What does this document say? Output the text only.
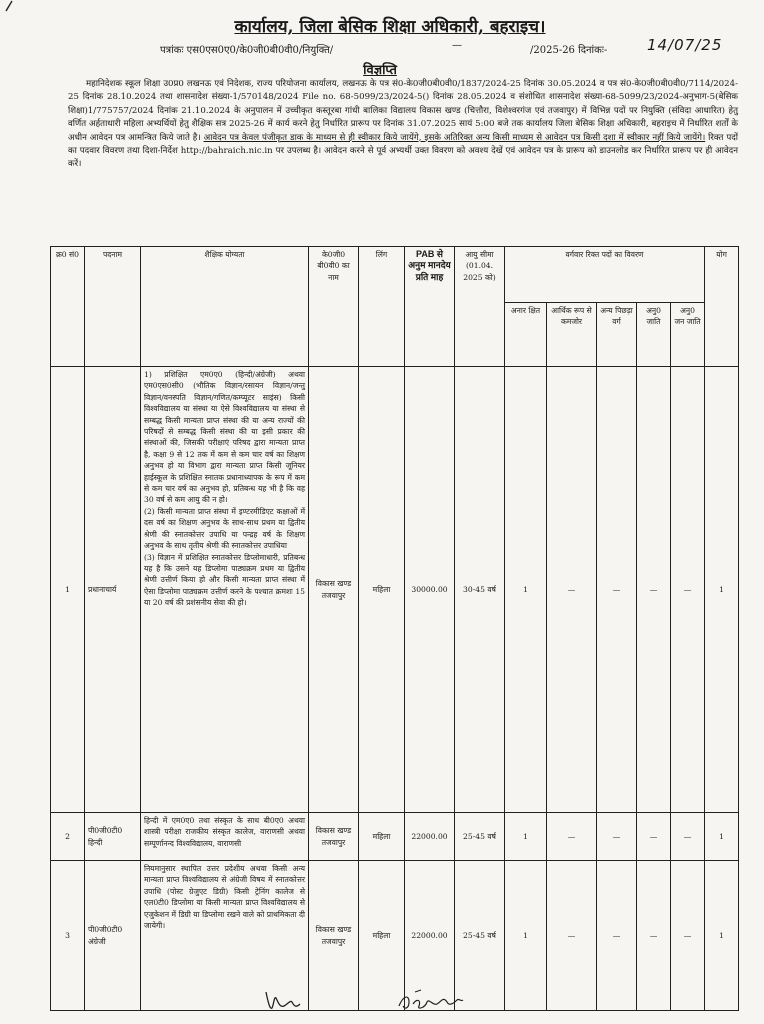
कार्यालय, जिला बेसिक शिक्षा अधिकारी, बहराइच।
पत्रांकः एस0एस0ए0/के0जी0बी0वी0/नियुक्ति/	—	/2025-26 दिनांकः-	14/07/25
विज्ञप्ति

महानिदेशक स्कूल शिक्षा उ0प्र0 लखनऊ एवं निदेशक, राज्य परियोजना कार्यालय, लखनऊ के पत्र सं0-के0जी0बी0वी0/1837/2024-25 दिनांक 30.05.2024 व पत्र सं0-के0जी0बी0वी0/7114/2024-25 दिनांक 28.10.2024 तथा शासनादेश संख्या-1/570148/2024 File no. 68-5099/23/2024-5() दिनांक 28.05.2024 व संशोधित शासनादेश संख्या-68-5099/23/2024-अनुभाग-5(बेसिक शिक्षा)1/775757/2024 दिनांक 21.10.2024 के अनुपालन में उच्चीकृत कस्तूरबा गांधी बालिका विद्यालय विकास खण्ड (चित्तौरा, विशेश्वरगंज एवं तजवापुर) में विभिन्न पदों पर नियुक्ति (संविदा आधारित) हेतु वर्णित अर्हताधारी महिला अभ्यर्थियों हेतु शैक्षिक सत्र 2025-26 में कार्य करने हेतु निर्धारित प्रारूप पर दिनांक 31.07.2025 सायं 5:00 बजे तक कार्यालय जिला बेसिक शिक्षा अधिकारी, बहराइच में निर्धारित शर्तों के अधीन आवेदन पत्र आमन्त्रित किये जाते है। आवेदन पत्र केवल पंजीकृत डाक के माध्यम से ही स्वीकार किये जायेंगे, इसके अतिरिक्त अन्य किसी माध्यम से आवेदन पत्र किसी दशा में स्वीकार नहीं किये जायेंगे। रिक्त पदों का पदवार विवरण तथा दिशा-निर्देश http://bahraich.nic.in पर उपलब्ध है। आवेदन करने से पूर्व अभ्यर्थी उक्त विवरण को अवश्य देखें एवं आवेदन पत्र के प्रारूप को डाउनलोड कर निर्धारित प्रारूप पर ही आवेदन करें।

क्र0 सं0	पदनाम	शैक्षिक योग्यता	के0जी0 बी0वी0 का नाम	लिंग	PAB से अनुम मानदेय प्रति माह	आयु सीमा (01.04. 2025 को)	वर्गवार रिक्त पदों का विवरण					योग
							अनार क्षित	आर्थिक रूप से कमजोर	अन्य पिछड़ा वर्ग	अनु0 जाति	अनु0 जन जाति	
1	प्रधानाचार्य	1) प्रशिक्षित एम0ए0 (हिन्दी/अंग्रेजी) अथवा एम0एस0सी0 (भौतिक विज्ञान/रसायन विज्ञान/जन्तु विज्ञान/वनस्पति विज्ञान/गणित/कम्प्यूटर साइंस) किसी विश्वविद्यालय या संस्था या ऐसे विश्वविद्यालय या संस्था से सम्बद्ध किसी मान्यता प्राप्त संस्था की या अन्य राज्यों की परिषदों से सम्बद्ध किसी संस्था की या इसी प्रकार की संस्थाओं की, जिसकी परीक्षाएं परिषद द्वारा मान्यता प्राप्त है, कक्षा 9 से 12 तक में कम से कम चार वर्ष का शिक्षण अनुभव हो या विभाग द्वारा मान्यता प्राप्त किसी जूनियर हाईस्कूल के प्रशिक्षित स्नातक प्रधानाध्यापक के रूप में कम से कम चार वर्ष का अनुभव हो, प्रतिबन्ध यह भी है कि वह 30 वर्ष से कम आयु की न हो।

(2) किसी मान्यता प्राप्त संस्था में इण्टरमीडिएट कक्षाओं में दस वर्ष का शिक्षण अनुभव के साथ-साथ प्रथम या द्वितीय श्रेणी की स्नातकोत्तर उपाधि या पन्द्रह वर्ष के शिक्षण अनुभव के साथ तृतीय श्रेणी की स्नातकोत्तर उपाधिया

(3) विज्ञान में प्रशिक्षित स्नातकोत्तर डिप्लोमाधारी, प्रतिबन्ध यह है कि उसने यह डिप्लोमा पाठ्यक्रम प्रथम या द्वितीय श्रेणी उत्तीर्ण किया हो और किसी मान्यता प्राप्त संस्था में ऐसा डिप्लोमा पाठ्यक्रम उत्तीर्ण करने के पश्चात क्रमशः 15 या 20 वर्ष की प्रशंसनीय सेवा की हो।	विकास खण्ड तजवापुर	महिला	30000.00	30-45 वर्ष	1	—	—	—	—	1
2	पी0जी0टी0 हिन्दी	हिन्दी में एम0ए0 तथा संस्कृत के साथ बी0ए0 अथवा शास्त्री परीक्षा राजकीय संस्कृत कालेज, वाराणसी अथवा सम्पूर्णानन्द विश्वविद्यालय, वाराणसी	विकास खण्ड तजवापुर	महिला	22000.00	25-45 वर्ष	1	—	—	—	—	1
3	पी0जी0टी0 अंग्रेजी	नियमानुसार स्थापित उत्तर प्रदेशीय अथवा किसी अन्य मान्यता प्राप्त विश्वविद्यालय से अंग्रेजी विषय में स्नातकोत्तर उपाधि (पोस्ट ग्रेजुएट डिग्री) किसी ट्रेनिंग कालेज से एल0टी0 डिप्लोमा या किसी मान्यता प्राप्त विश्वविद्यालय से एजुकेशन में डिग्री या डिप्लोमा रखने वाले को प्राथमिकता दी जायेगी।	विकास खण्ड तजवापुर	महिला	22000.00	25-45 वर्ष	1	—	—	—	—	1
